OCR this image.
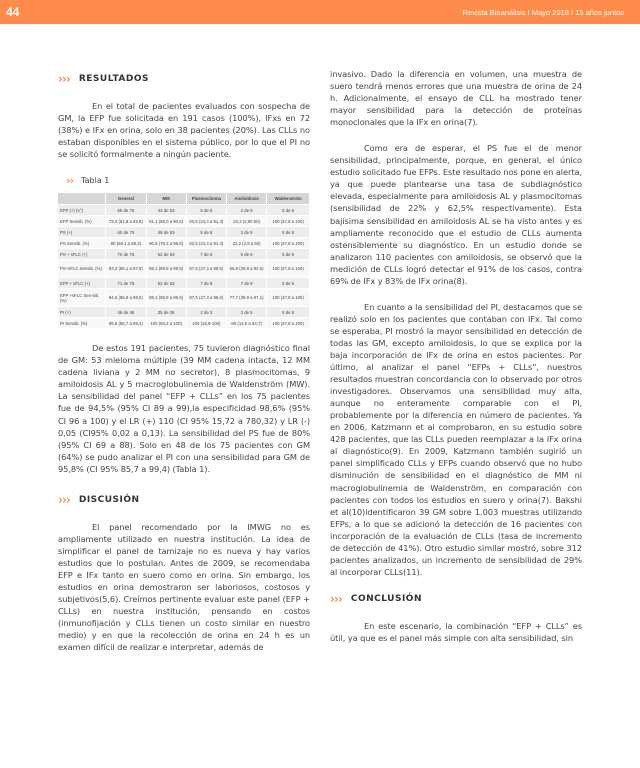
44	Revista Bioanálisis I Mayo 2018 I 15 años juntos
››› RESULTADOS

En el total de pacientes evaluados con sospecha de GM, la EFP fue solicitada en 191 casos (100%), IFxs en 72 (38%) e IFx en orina, solo en 38 pacientes (20%). Las CLLs no estaban disponibles en el sistema público, por lo que el PI no se solicitó formalmente a ningún paciente.

›› Tabla 1
	General	MM	Plasmocitoma	Amiloidosis	Waldenström
EFP (+) (n°)	55 de 75	43 de 53	5 de 8	2 de 9	5 de 5
EFP Sensib. (%)	73,3 (61,8 a 82,8)	81,1 (68,0 a 90,5)	62,5 (24,4 a 91,4)	22,2 (2,80 60)	100 (47,8 a 100)
PS (+)	60 de 75	48 de 53	5 de 8	2 de 9	5 de 5
PS Sensib. (%)	80 (69,1 a 88,3)	90,5 (79,3 a 96,8)	62,5 (24,4 a 91,4)	22,2 (2,8 a 60)	100 (47,8 a 100)
PS + sFLC (+)	70 de 75	52 de 53	7 de 8	6 de 9	5 de 5
PS+sFLC Sensib. (%)	93,3 (85,1 a 97,8)	98,1 (89,9 a 99,9)	87,5 (47,3 a 99,6)	66,6 (29,9 a 92,5)	100 (47,8 a 100)
EFP + sFLC (+)	71 de 75	52 de 53	7 de 8	7 de 9	5 de 5
EFP +sFLC Sen-sib. (%)	94,6 (86,9 a 98,5)	98,1 (89,9 a 99,9)	87,5 (47,3 a 99,6)	77,7 (39,9 a 97,1)	100 (47,8 a 100)
PI (+)	46 de 48	35 de 36	2 de 2	3 de 5	5 de 5
PI Sensib. (%)	95,8 (85,7 a 99,4)	100 (93,2 a 100)	100 (15,8-100)	60 (14,6 a 94,7)	100 (47,8 a 100)

De estos 191 pacientes, 75 tuvieron diagnóstico final de GM: 53 mieloma múltiple (39 MM cadena intacta, 12 MM cadena liviana y 2 MM no secretor), 8 plasmocitomas, 9 amiloidosis AL y 5 macroglobulinemia de Waldenström (MW). La sensibilidad del panel “EFP + CLLs” en los 75 pacientes fue de 94,5% (95% CI 89 a 99),la especificidad 98,6% (95% CI 96 a 100) y el LR (+) 110 (CI 95% 15,72 a 780,32) y LR (-) 0,05 (CI95% 0,02 a 0,13). La sensibilidad del PS fue de 80% (95% CI 69 a 88). Solo en 48 de los 75 pacientes con GM (64%) se pudo analizar el PI con una sensibilidad para GM de 95,8% (CI 95% 85,7 a 99,4) (Tabla 1).

››› DISCUSIÓN

El panel recomendado por la IMWG no es ampliamente utilizado en nuestra institución. La idea de simplificar el panel de tamizaje no es nueva y hay varios estudios que lo postulan. Antes de 2009, se recomendaba EFP e IFx tanto en suero como en orina. Sin embargo, los estudios en orina demostraron ser laboriosos, costosos y subjetivos(5,6). Creímos pertinente evaluar este panel (EFP + CLLs) en nuestra institución, pensando en costos (inmunofijación y CLLs tienen un costo similar en nuestro medio) y en que la recolección de orina en 24 h es un examen difícil de realizar e interpretar, además de

invasivo. Dado la diferencia en volumen, una muestra de suero tendrá menos errores que una muestra de orina de 24 h. Adicionalmente, el ensayo de CLL ha mostrado tener mayor sensibilidad para la detección de proteínas monoclonales que la IFx en orina(7).

Como era de esperar, el PS fue el de menor sensibilidad, principalmente, porque, en general, el único estudio solicitado fue EFPs. Este resultado nos pone en alerta, ya que puede plantearse una tasa de subdiagnóstico elevada, especialmente para amiloidosis AL y plasmocitomas (sensibilidad de 22% y 62,5% respectivamente). Esta bajísima sensibilidad en amiloidosis AL se ha visto antes y es ampliamente reconocido que el estudio de CLLs aumenta ostensiblemente su diagnóstico. En un estudio donde se analizaron 110 pacientes con amiloidosis, se observó que la medición de CLLs logró detectar el 91% de los casos, contra 69% de IFx y 83% de IFx orina(8).

En cuanto a la sensibilidad del PI, destacamos que se realizó solo en los pacientes que contaban con IFx. Tal como se esperaba, PI mostró la mayor sensibilidad en detección de todas las GM, excepto amiloidosis, lo que se explica por la baja incorporación de IFx de orina en estos pacientes. Por último, al analizar el panel “EFPs + CLLs”, nuestros resultados muestran concordancia con lo observado por otros investigadores. Observamos una sensibilidad muy alta, aunque no enteramente comparable con el PI, probablemente por la diferencia en número de pacientes. Ya en 2006, Katzmann et al comprobaron, en su estudio sobre 428 pacientes, que las CLLs pueden reemplazar a la IFx orina al diagnóstico(9). En 2009, Katzmann también sugirió un panel simplificado CLLs y EFPs cuando observó que no hubo disminución de sensibilidad en el diagnóstico de MM ni macroglobulinemia de Waldenström, en comparación con pacientes con todos los estudios en suero y orina(7). Bakshi et al(10)identificaron 39 GM sobre 1.003 muestras utilizando EFPs, a lo que se adicionó la detección de 16 pacientes con incorporación de la evaluación de CLLs (tasa de incremento de detección de 41%). Otro estudio similar mostró, sobre 312 pacientes analizados, un incremento de sensibilidad de 29% al incorporar CLLs(11).

››› CONCLUSIÓN

En este escenario, la combinación “EFP + CLLs” es útil, ya que es el panel más simple con alta sensibilidad, sin
